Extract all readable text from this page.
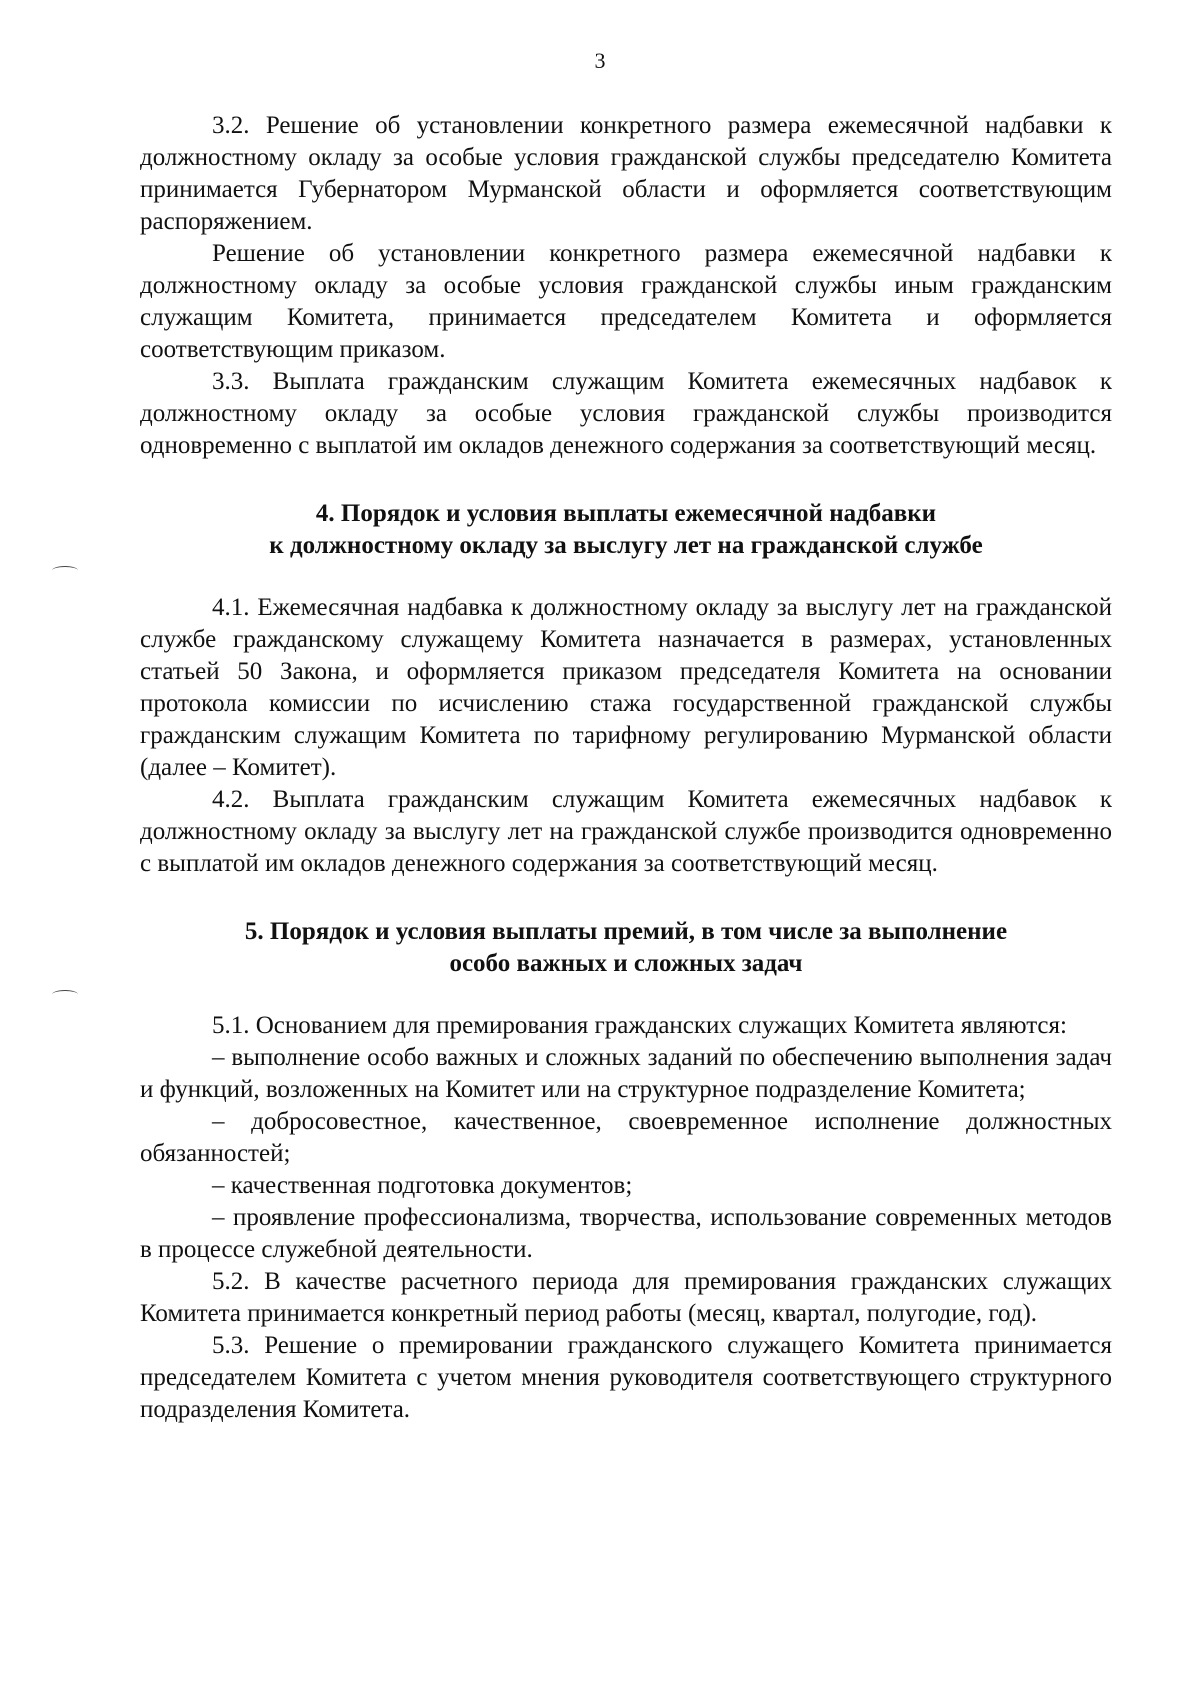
3

3.2. Решение об установлении конкретного размера ежемесячной надбавки к должностному окладу за особые условия гражданской службы председателю Комитета принимается Губернатором Мурманской области и оформляется соответствующим распоряжением.

Решение об установлении конкретного размера ежемесячной надбавки к должностному окладу за особые условия гражданской службы иным гражданским служащим Комитета, принимается председателем Комитета и оформляется соответствующим приказом.

3.3. Выплата гражданским служащим Комитета ежемесячных надбавок к должностному окладу за особые условия гражданской службы производится одновременно с выплатой им окладов денежного содержания за соответствующий месяц.

4. Порядок и условия выплаты ежемесячной надбавки
к должностному окладу за выслугу лет на гражданской службе

4.1. Ежемесячная надбавка к должностному окладу за выслугу лет на гражданской службе гражданскому служащему Комитета назначается в размерах, установленных статьей 50 Закона, и оформляется приказом председателя Комитета на основании протокола комиссии по исчислению стажа государственной гражданской службы гражданским служащим Комитета по тарифному регулированию Мурманской области (далее – Комитет).

4.2. Выплата гражданским служащим Комитета ежемесячных надбавок к должностному окладу за выслугу лет на гражданской службе производится одновременно с выплатой им окладов денежного содержания за соответствующий месяц.

5. Порядок и условия выплаты премий, в том числе за выполнение
особо важных и сложных задач

5.1. Основанием для премирования гражданских служащих Комитета являются:

– выполнение особо важных и сложных заданий по обеспечению выполнения задач и функций, возложенных на Комитет или на структурное подразделение Комитета;

– добросовестное, качественное, своевременное исполнение должностных обязанностей;

– качественная подготовка документов;

– проявление профессионализма, творчества, использование современных методов в процессе служебной деятельности.

5.2. В качестве расчетного периода для премирования гражданских служащих Комитета принимается конкретный период работы (месяц, квартал, полугодие, год).

5.3. Решение о премировании гражданского служащего Комитета принимается председателем Комитета с учетом мнения руководителя соответствующего структурного подразделения Комитета.
